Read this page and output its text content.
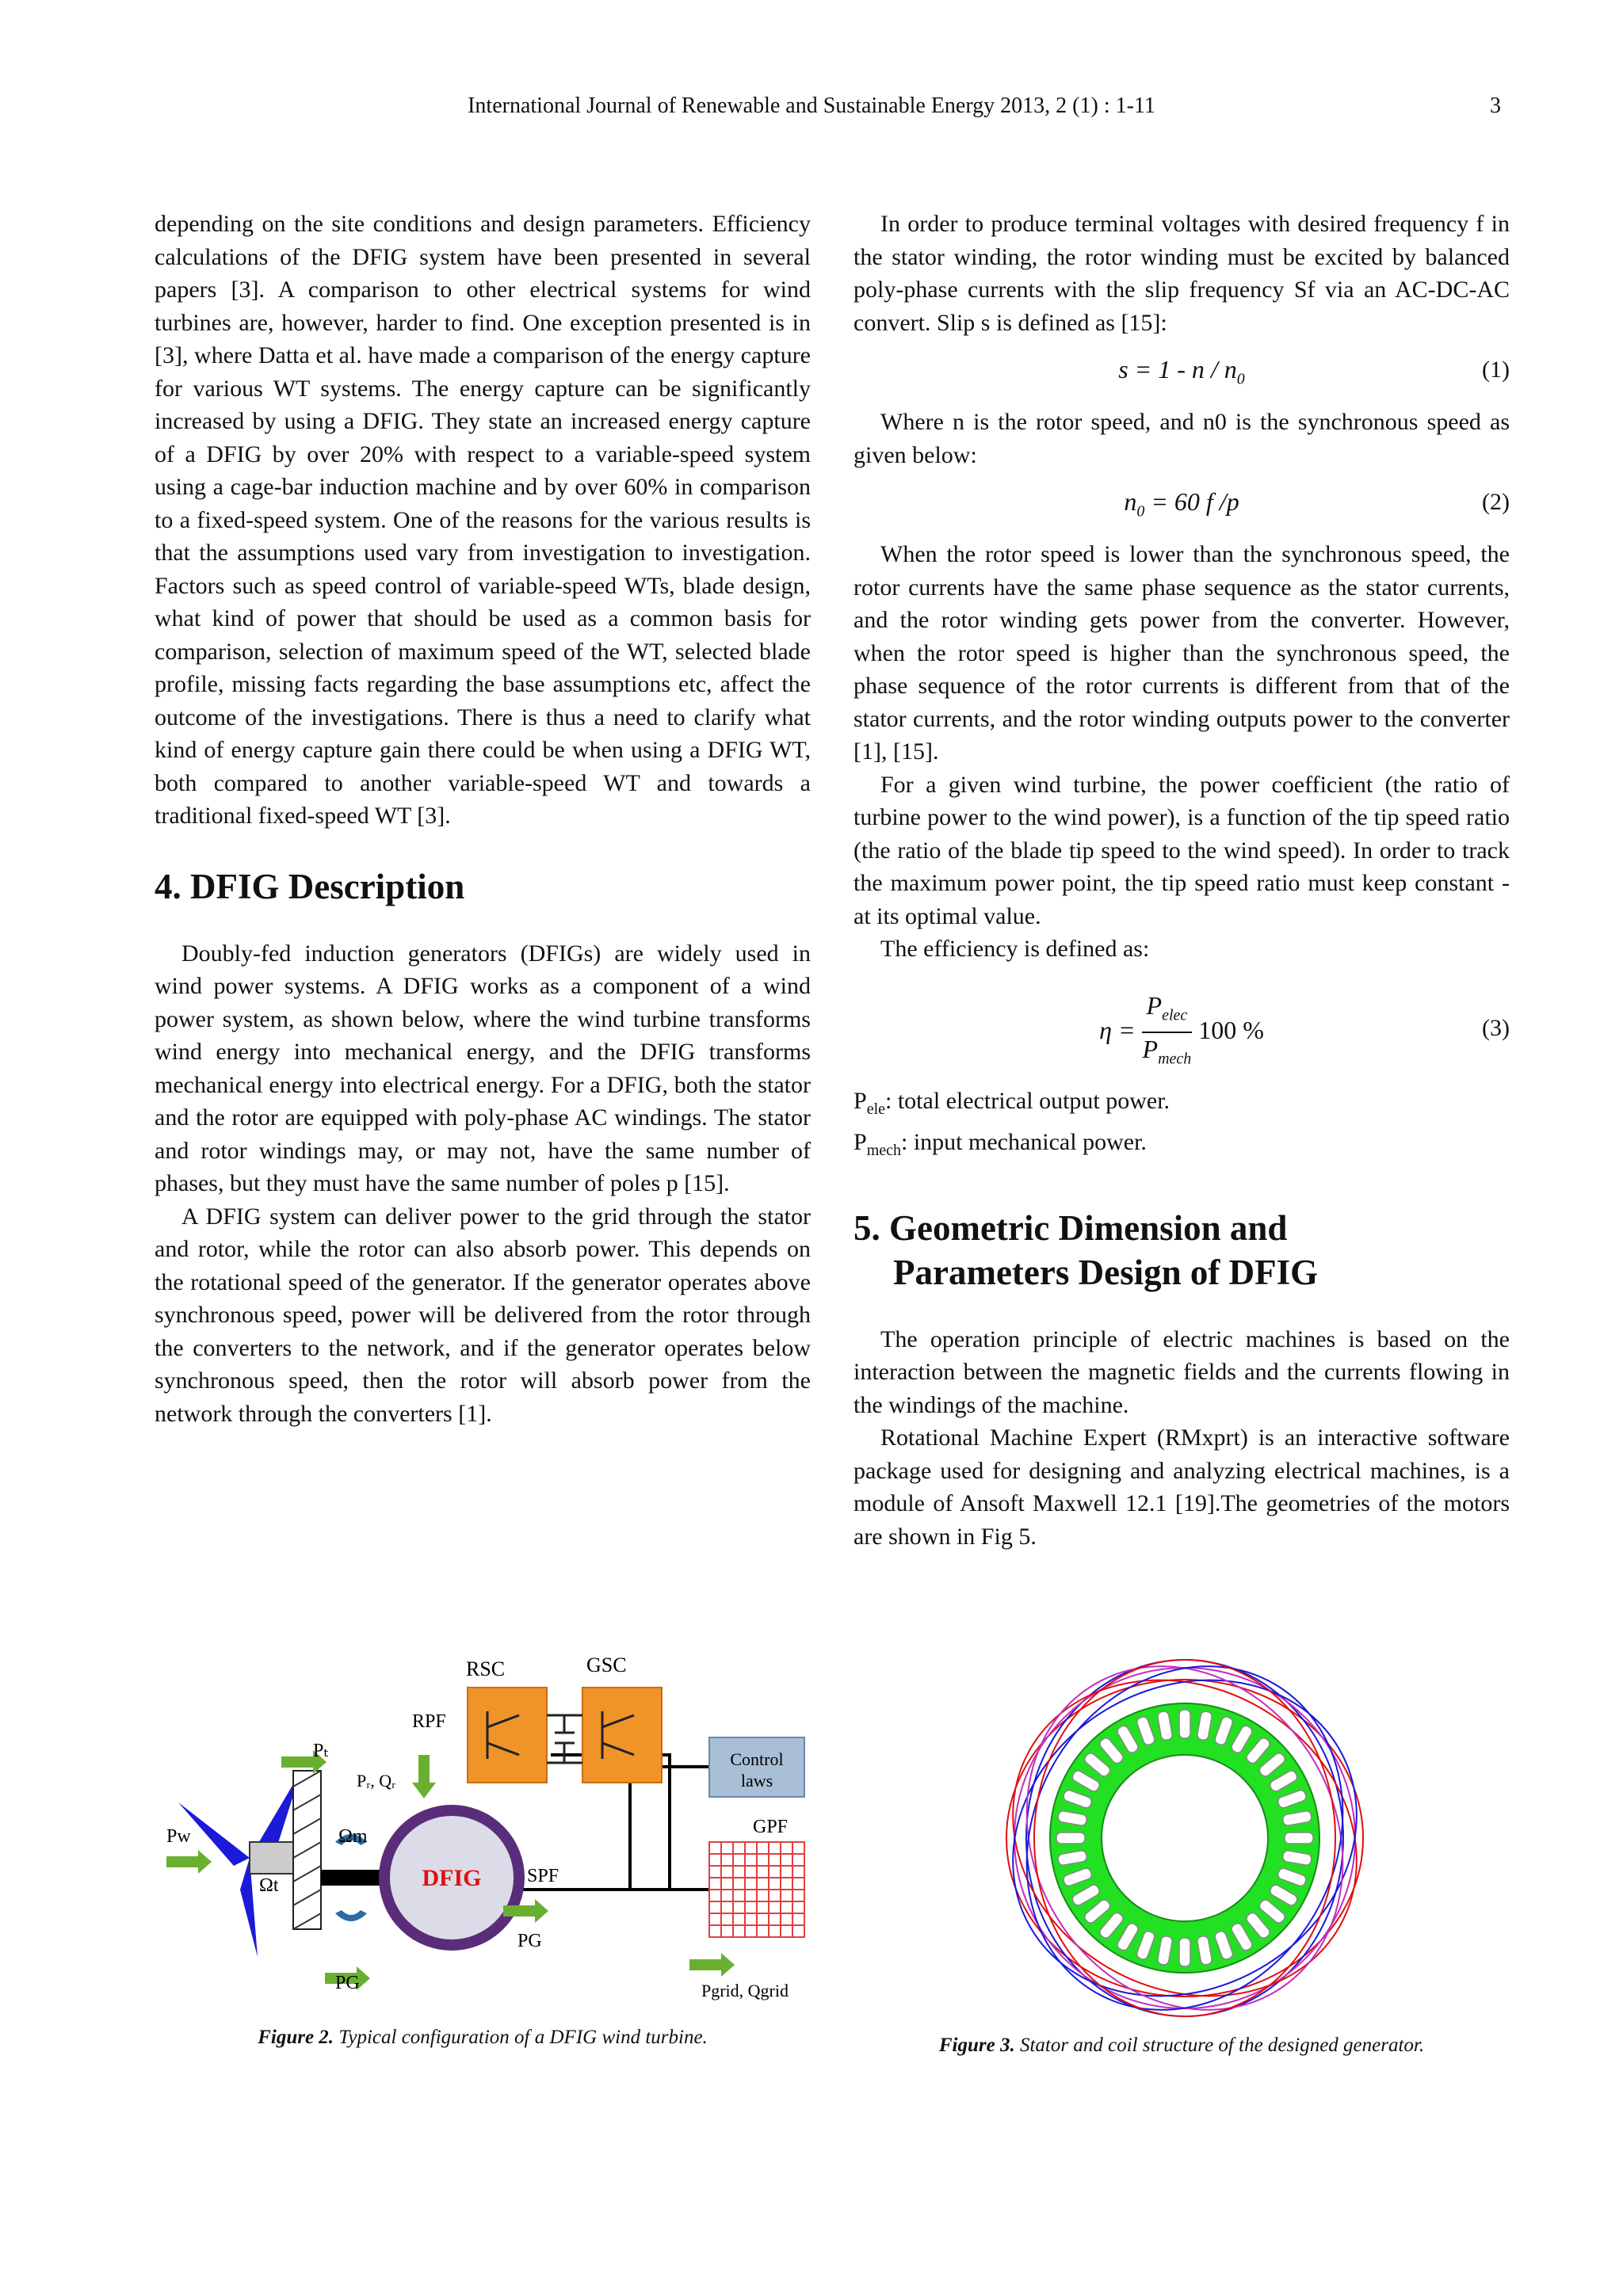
International Journal of Renewable and Sustainable Energy 2013, 2 (1) : 1-11	3

depending on the site conditions and design parameters. Efficiency calculations of the DFIG system have been presented in several papers [3]. A comparison to other electrical systems for wind turbines are, however, harder to find. One exception presented is in [3], where Datta et al. have made a comparison of the energy capture for various WT systems. The energy capture can be significantly increased by using a DFIG. They state an increased energy capture of a DFIG by over 20% with respect to a variable-speed system using a cage-bar induction machine and by over 60% in comparison to a fixed-speed system. One of the reasons for the various results is that the assumptions used vary from investigation to investigation. Factors such as speed control of variable-speed WTs, blade design, what kind of power that should be used as a common basis for comparison, selection of maximum speed of the WT, selected blade profile, missing facts regarding the base assumptions etc, affect the outcome of the investigations. There is thus a need to clarify what kind of energy capture gain there could be when using a DFIG WT, both compared to another variable-speed WT and towards a traditional fixed-speed WT [3].

4. DFIG Description

Doubly-fed induction generators (DFIGs) are widely used in wind power systems. A DFIG works as a component of a wind power system, as shown below, where the wind turbine transforms wind energy into mechanical energy, and the DFIG transforms mechanical energy into electrical energy. For a DFIG, both the stator and the rotor are equipped with poly-phase AC windings. The stator and rotor windings may, or may not, have the same number of phases, but they must have the same number of poles p [15].

A DFIG system can deliver power to the grid through the stator and rotor, while the rotor can also absorb power. This depends on the rotational speed of the generator. If the generator operates above synchronous speed, power will be delivered from the rotor through the converters to the network, and if the generator operates below synchronous speed, then the rotor will absorb power from the network through the converters [1].

In order to produce terminal voltages with desired frequency f in the stator winding, the rotor winding must be excited by balanced poly-phase currents with the slip frequency Sf via an AC-DC-AC convert. Slip s is defined as [15]:

$s = 1 - n / n_0$	(1)

Where n is the rotor speed, and n0 is the synchronous speed as given below:

$n_0 = 60$ f /p	(2)

When the rotor speed is lower than the synchronous speed, the rotor currents have the same phase sequence as the stator currents, and the rotor winding gets power from the converter. However, when the rotor speed is higher than the synchronous speed, the phase sequence of the rotor currents is different from that of the stator currents, and the rotor winding outputs power to the converter [1], [15].

For a given wind turbine, the power coefficient (the ratio of turbine power to the wind power), is a function of the tip speed ratio (the ratio of the blade tip speed to the wind speed). In order to track the maximum power point, the tip speed ratio must keep constant - at its optimal value.

The efficiency is defined as:

$\eta = \frac{P_{elec}}{P_{mech}} 100$ %	(3)

$P_{ele}$: total electrical output power.

$P_{mech}$: input mechanical power.

5. Geometric Dimension and
Parameters Design of DFIG

The operation principle of electric machines is based on the interaction between the magnetic fields and the currents flowing in the windings of the machine.

Rotational Machine Expert (RMxprt) is an interactive software package used for designing and analyzing electrical machines, is a module of Ansoft Maxwell 12.1 [19].The geometries of the motors are shown in Fig 5.

RSC	GSC
RPF
Control
laws
GPF
DFIG
Pₜ
Pᵣ, Qᵣ
Pw	Ωm
Ωt	SPF
PG
PG	Pgrid, Qgrid
Figure 2. Typical configuration of a DFIG wind turbine.	Figure 3. Stator and coil structure of the designed generator.
